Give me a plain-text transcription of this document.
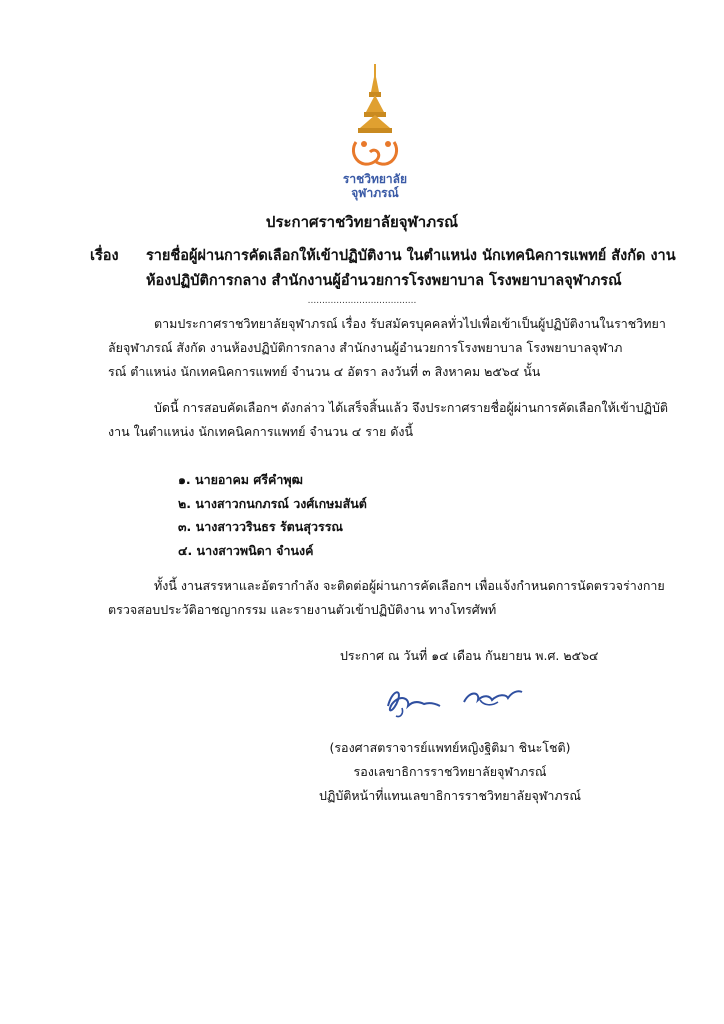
ราชวิทยาลัย
จุฬาภรณ์
ประกาศราชวิทยาลัยจุฬาภรณ์
เรื่อง รายชื่อผู้ผ่านการคัดเลือกให้เข้าปฏิบัติงาน ในตำแหน่ง นักเทคนิคการแพทย์ สังกัด งาน
ห้องปฏิบัติการกลาง สำนักงานผู้อำนวยการโรงพยาบาล โรงพยาบาลจุฬาภรณ์
......................................
ตามประกาศราชวิทยาลัยจุฬาภรณ์ เรื่อง รับสมัครบุคคลทั่วไปเพื่อเข้าเป็นผู้ปฏิบัติงานในราชวิทยา
ลัยจุฬาภรณ์ สังกัด งานห้องปฏิบัติการกลาง สำนักงานผู้อำนวยการโรงพยาบาล โรงพยาบาลจุฬาภ
รณ์ ตำแหน่ง นักเทคนิคการแพทย์ จำนวน ๔ อัตรา ลงวันที่ ๓ สิงหาคม ๒๕๖๔ นั้น
บัดนี้ การสอบคัดเลือกฯ ดังกล่าว ได้เสร็จสิ้นแล้ว จึงประกาศรายชื่อผู้ผ่านการคัดเลือกให้เข้าปฏิบัติ
งาน ในตำแหน่ง นักเทคนิคการแพทย์ จำนวน ๔ ราย ดังนี้
๑. นายอาคม ศรีคำพุฒ
๒. นางสาวกนกภรณ์ วงศ์เกษมสันต์
๓. นางสาววรินธร รัตนสุวรรณ
๔. นางสาวพนิดา จำนงค์
ทั้งนี้ งานสรรหาและอัตรากำลัง จะติดต่อผู้ผ่านการคัดเลือกฯ เพื่อแจ้งกำหนดการนัดตรวจร่างกาย
ตรวจสอบประวัติอาชญากรรม และรายงานตัวเข้าปฏิบัติงาน ทางโทรศัพท์
ประกาศ ณ วันที่ ๑๔ เดือน กันยายน พ.ศ. ๒๕๖๔
(รองศาสตราจารย์แพทย์หญิงฐิติมา ชินะโชติ)
รองเลขาธิการราชวิทยาลัยจุฬาภรณ์
ปฏิบัติหน้าที่แทนเลขาธิการราชวิทยาลัยจุฬาภรณ์
